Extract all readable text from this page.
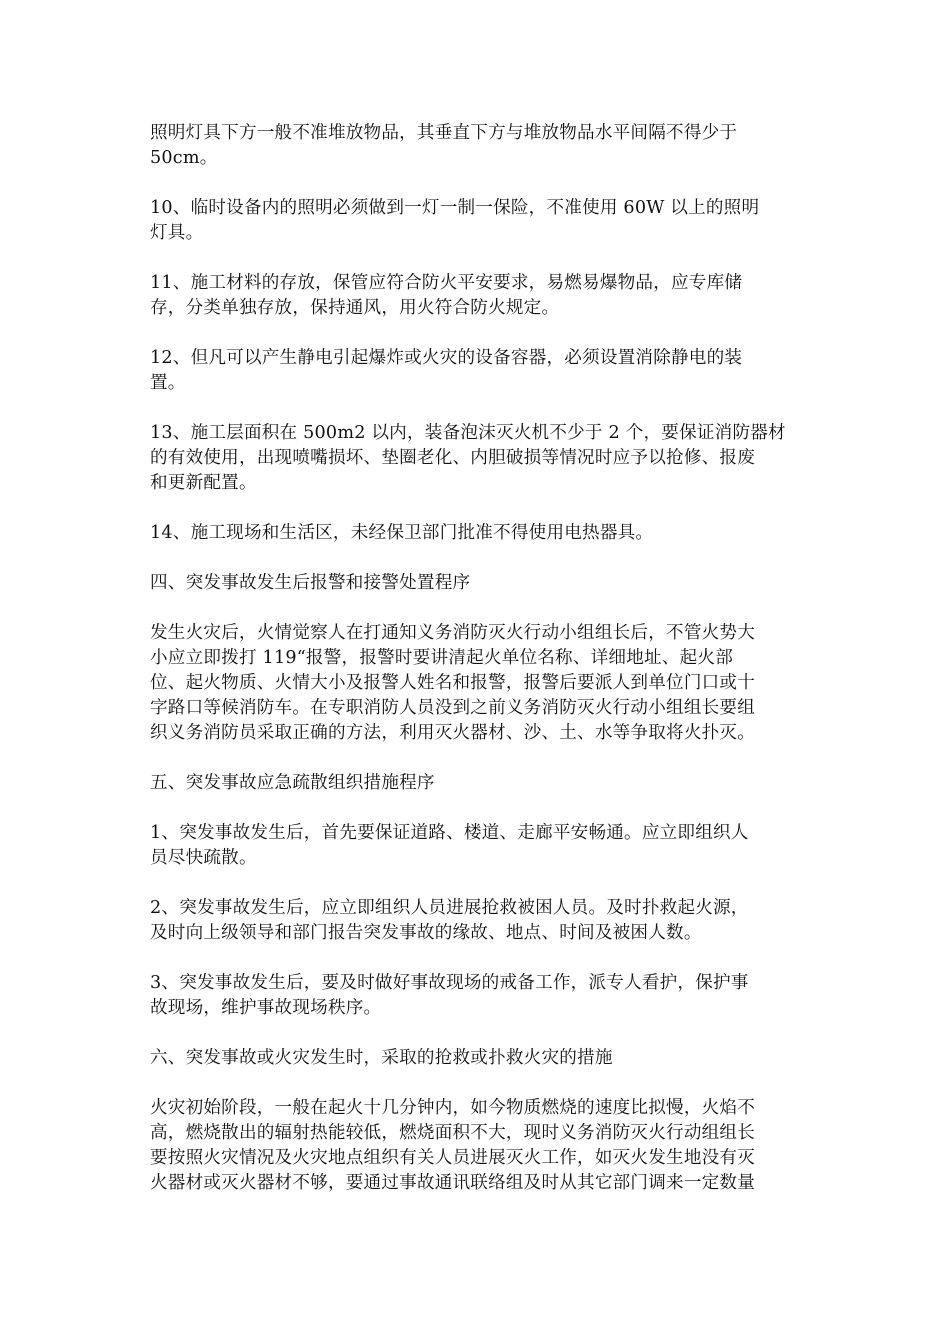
照明灯具下方一般不准堆放物品，其垂直下方与堆放物品水平间隔不得少于
50cm。

10、临时设备内的照明必须做到一灯一制一保险，不准使用 60W 以上的照明
灯具。

11、施工材料的存放，保管应符合防火平安要求，易燃易爆物品，应专库储
存，分类单独存放，保持通风，用火符合防火规定。

12、但凡可以产生静电引起爆炸或火灾的设备容器，必须设置消除静电的装
置。

13、施工层面积在 500m2 以内，装备泡沫灭火机不少于 2 个，要保证消防器材
的有效使用，出现喷嘴损坏、垫圈老化、内胆破损等情况时应予以抢修、报废
和更新配置。

14、施工现场和生活区，未经保卫部门批准不得使用电热器具。

四、突发事故发生后报警和接警处置程序

发生火灾后，火情觉察人在打通知义务消防灭火行动小组组长后，不管火势大
小应立即拨打 119“报警，报警时要讲清起火单位名称、详细地址、起火部
位、起火物质、火情大小及报警人姓名和报警，报警后要派人到单位门口或十
字路口等候消防车。在专职消防人员没到之前义务消防灭火行动小组组长要组
织义务消防员采取正确的方法，利用灭火器材、沙、土、水等争取将火扑灭。

五、突发事故应急疏散组织措施程序

1、突发事故发生后，首先要保证道路、楼道、走廊平安畅通。应立即组织人
员尽快疏散。

2、突发事故发生后，应立即组织人员进展抢救被困人员。及时扑救起火源，
及时向上级领导和部门报告突发事故的缘故、地点、时间及被困人数。

3、突发事故发生后，要及时做好事故现场的戒备工作，派专人看护，保护事
故现场，维护事故现场秩序。

六、突发事故或火灾发生时，采取的抢救或扑救火灾的措施

火灾初始阶段，一般在起火十几分钟内，如今物质燃烧的速度比拟慢，火焰不
高，燃烧散出的辐射热能较低，燃烧面积不大，现时义务消防灭火行动组组长
要按照火灾情况及火灾地点组织有关人员进展灭火工作，如灭火发生地没有灭
火器材或灭火器材不够，要通过事故通讯联络组及时从其它部门调来一定数量
